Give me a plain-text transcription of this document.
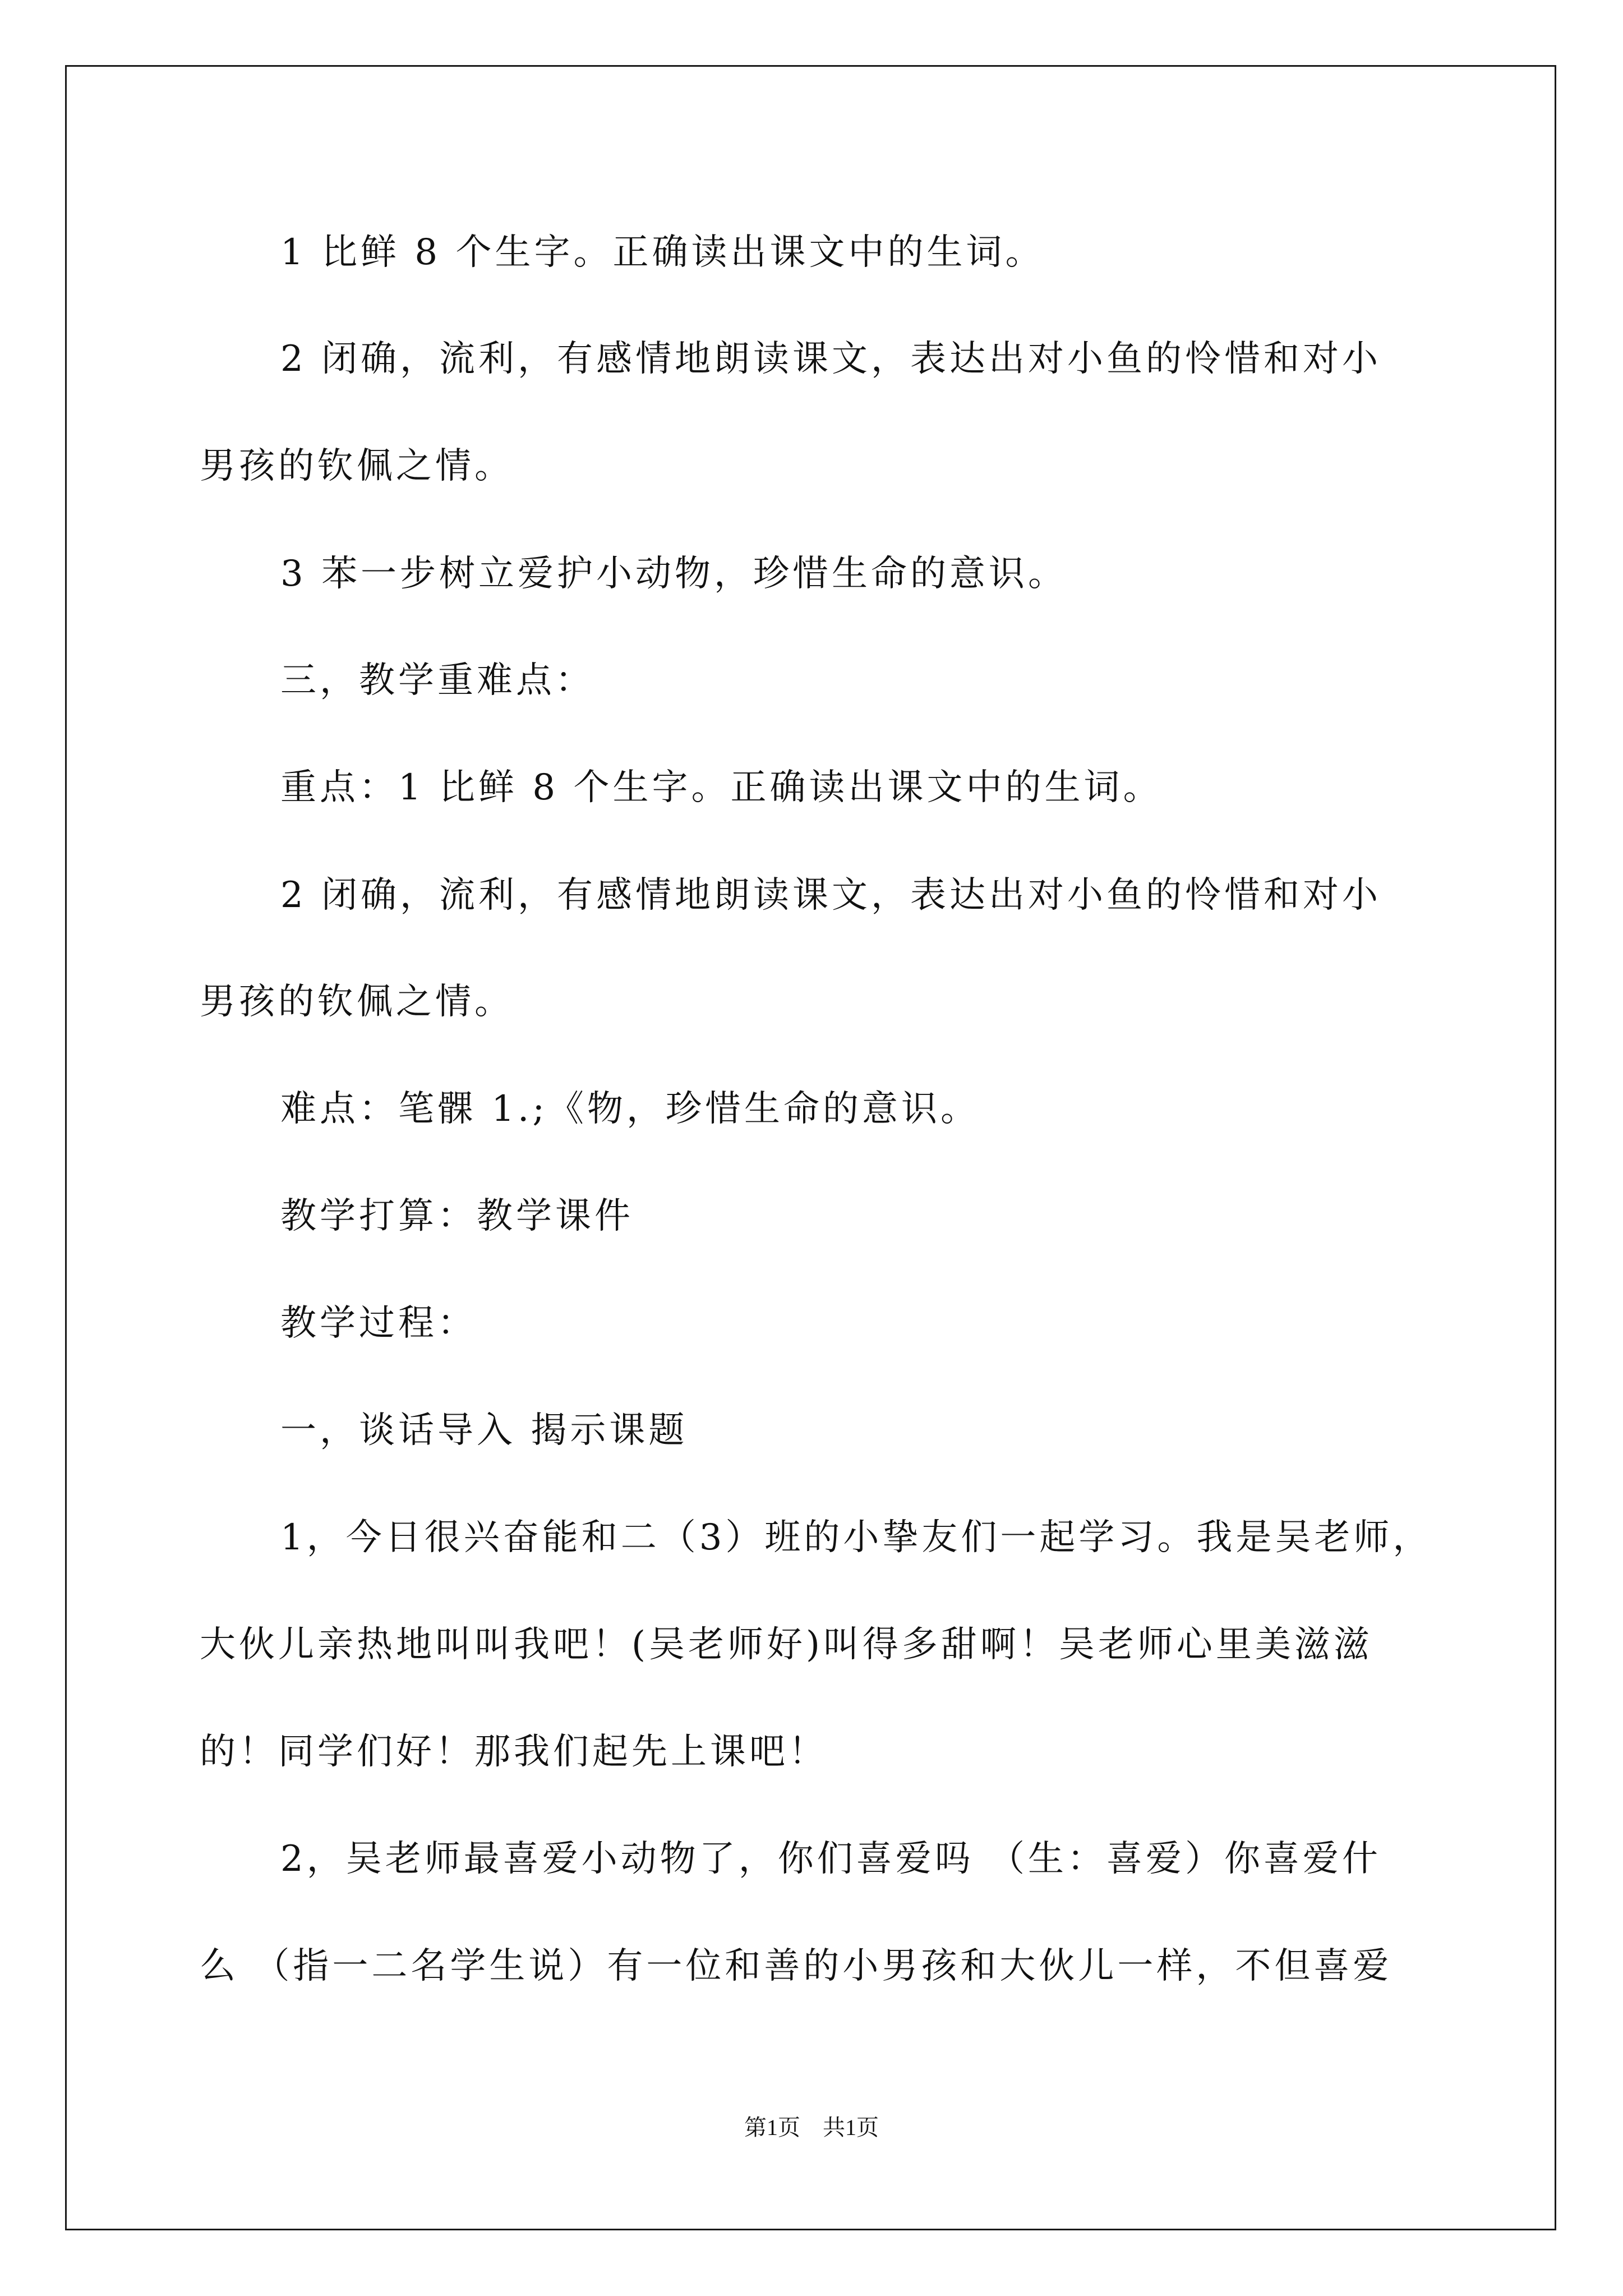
1 比鲜 8 个生字。正确读出课文中的生词。
2 闭确，流利，有感情地朗读课文，表达出对小鱼的怜惜和对小
男孩的钦佩之情。
3 苯一步树立爱护小动物，珍惜生命的意识。
三，教学重难点：
重点：1 比鲜 8 个生字。正确读出课文中的生词。
2 闭确，流利，有感情地朗读课文，表达出对小鱼的怜惜和对小
男孩的钦佩之情。
难点：笔髁 1.;《物，珍惜生命的意识。
教学打算：教学课件
教学过程：
一，谈话导入 揭示课题
1，今日很兴奋能和二（3）班的小挚友们一起学习。我是吴老师，
大伙儿亲热地叫叫我吧！(吴老师好)叫得多甜啊！吴老师心里美滋滋
的！同学们好！那我们起先上课吧！
2，吴老师最喜爱小动物了，你们喜爱吗 （生：喜爱）你喜爱什
么 （指一二名学生说）有一位和善的小男孩和大伙儿一样，不但喜爱
第1页　共1页
